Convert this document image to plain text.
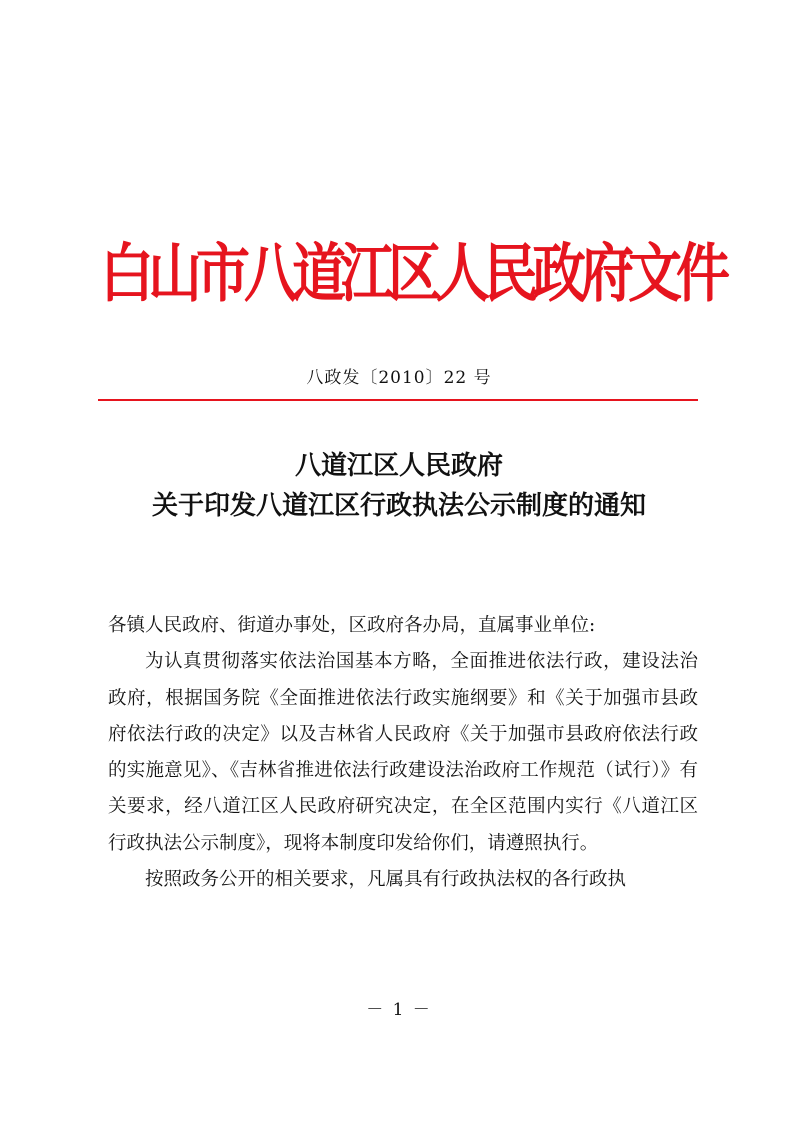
白山市八道江区人民政府文件
八政发〔2010〕22 号
八道江区人民政府
关于印发八道江区行政执法公示制度的通知

各镇人民政府、街道办事处，区政府各办局，直属事业单位:

为认真贯彻落实依法治国基本方略，全面推进依法行政，建设法治政府，根据国务院《全面推进依法行政实施纲要》和《关于加强市县政府依法行政的决定》以及吉林省人民政府《关于加强市县政府依法行政的实施意见》、《吉林省推进依法行政建设法治政府工作规范（试行）》有关要求，经八道江区人民政府研究决定，在全区范围内实行《八道江区行政执法公示制度》，现将本制度印发给你们，请遵照执行。

按照政务公开的相关要求，凡属具有行政执法权的各行政执

－ 1 －
